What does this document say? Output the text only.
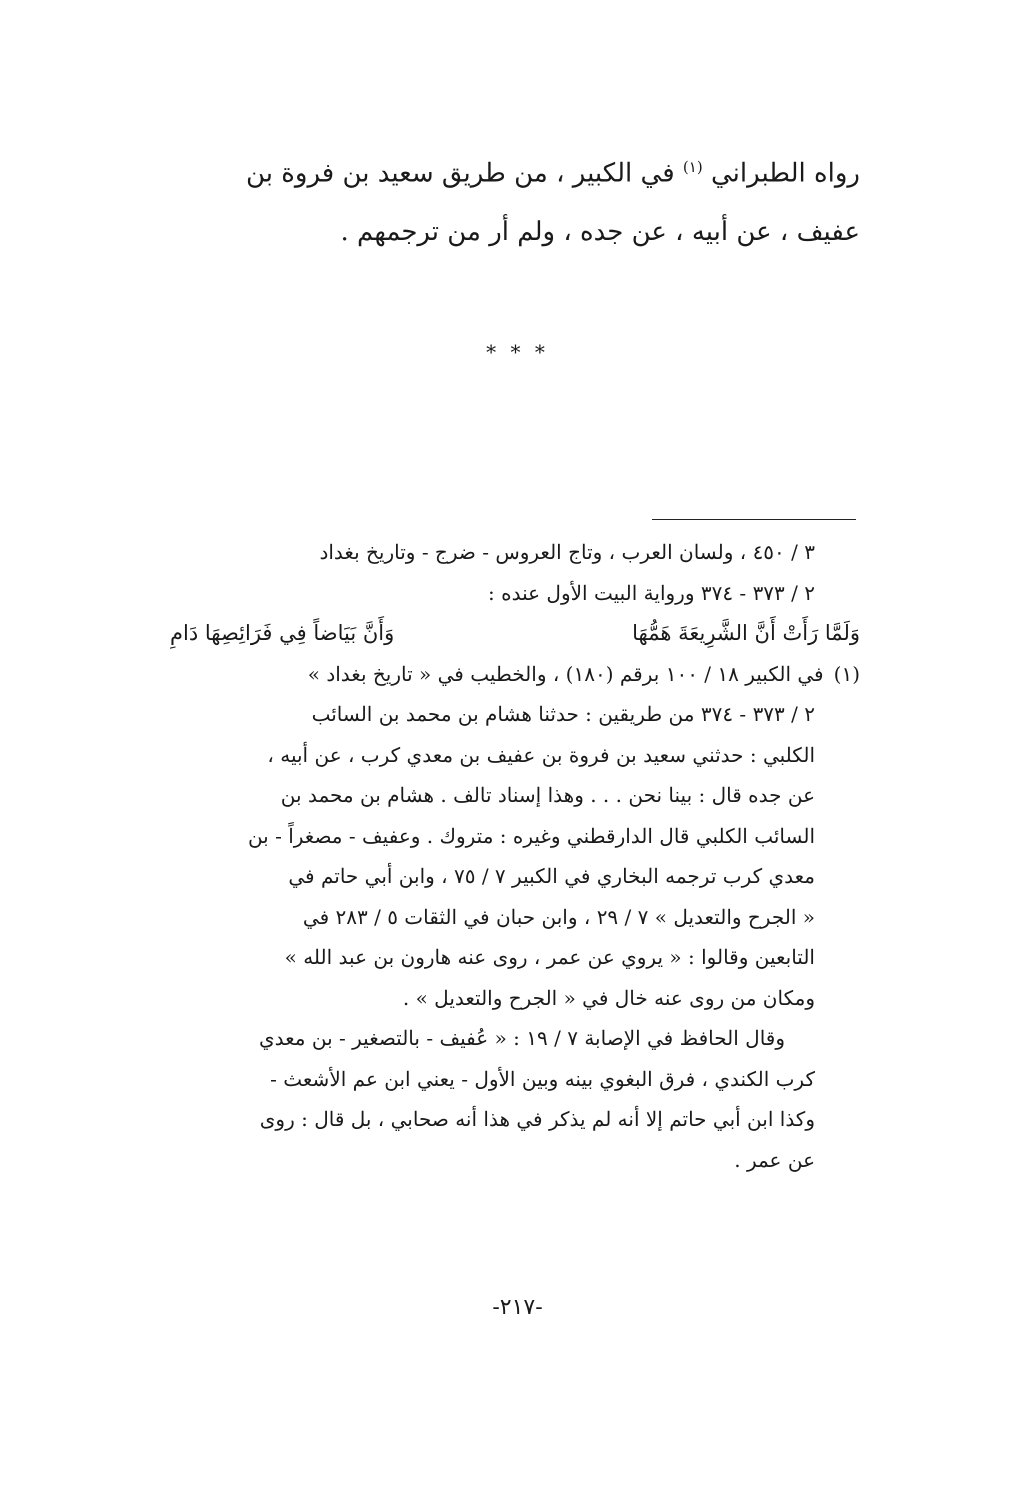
رواه الطبراني $^{(١)}$ في الكبير ، من طريق سعيد بن فروة بن
عفيف ، عن أبيه ، عن جده ، ولم أر من ترجمهم .
* * *
٣ / ٤٥٠ ، ولسان العرب ، وتاج العروس - ضرج - وتاريخ بغداد
٢ / ٣٧٣ - ٣٧٤ ورواية البيت الأول عنده :
وَلَمَّا رَأَتْ أَنَّ الشَّرِيعَةَ هَمُّهَا
وَأَنَّ بَيَاضاً فِي فَرَائِصِهَا دَامِ
(١)في الكبير ١٨ / ١٠٠ برقم (١٨٠) ، والخطيب في « تاريخ بغداد »
٢ / ٣٧٣ - ٣٧٤ من طريقين : حدثنا هشام بن محمد بن السائب
الكلبي : حدثني سعيد بن فروة بن عفيف بن معدي كرب ، عن أبيه ،
عن جده قال : بينا نحن . . . وهذا إسناد تالف . هشام بن محمد بن
السائب الكلبي قال الدارقطني وغيره : متروك . وعفيف - مصغراً - بن
معدي كرب ترجمه البخاري في الكبير ٧ / ٧٥ ، وابن أبي حاتم في
« الجرح والتعديل » ٧ / ٢٩ ، وابن حبان في الثقات ٥ / ٢٨٣ في
التابعين وقالوا : « يروي عن عمر ، روى عنه هارون بن عبد الله »
ومكان من روى عنه خال في « الجرح والتعديل » .
وقال الحافظ في الإصابة ٧ / ١٩ : « عُفيف - بالتصغير - بن معدي
كرب الكندي ، فرق البغوي بينه وبين الأول - يعني ابن عم الأشعث -
وكذا ابن أبي حاتم إلا أنه لم يذكر في هذا أنه صحابي ، بل قال : روى
عن عمر .
-٢١٧-
